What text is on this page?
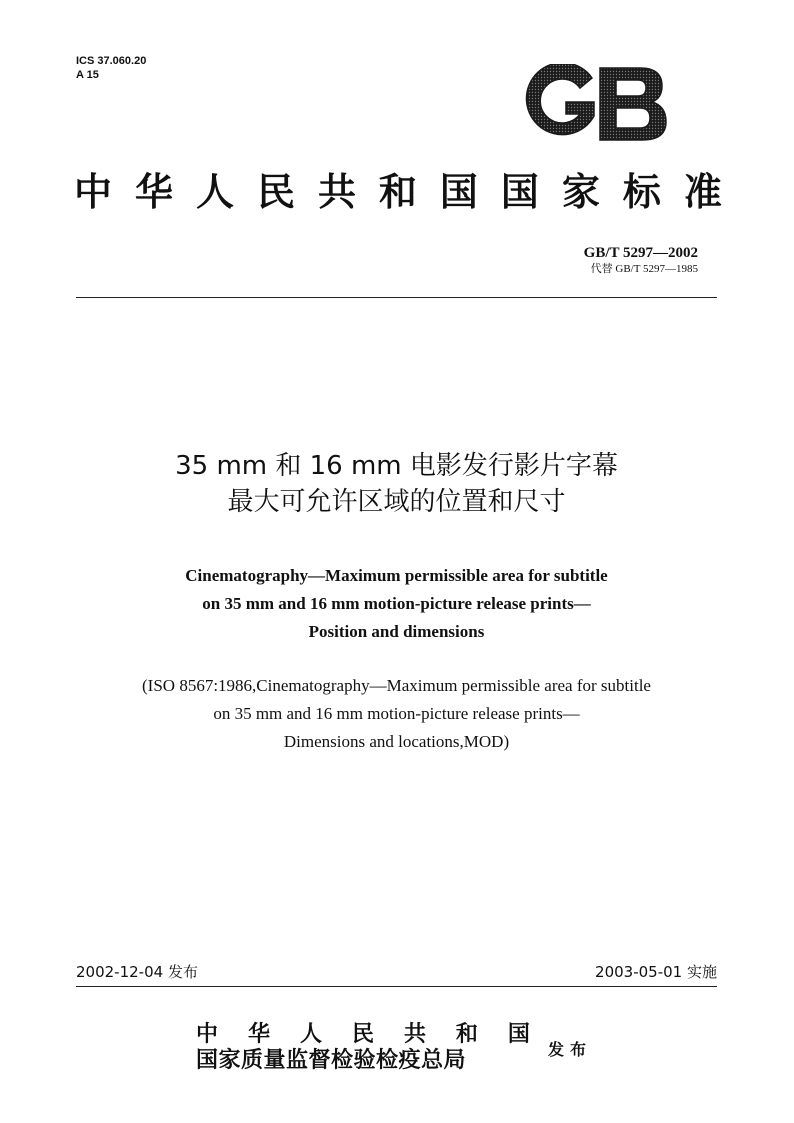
ICS 37.060.20
A 15
GB
中 华 人 民 共 和 国 国 家 标 准
GB/T 5297—2002
代替 GB/T 5297—1985
35 mm 和 16 mm 电影发行影片字幕
最大可允许区域的位置和尺寸
Cinematography—Maximum permissible area for subtitle
on 35 mm and 16 mm motion-picture release prints—
Position and dimensions
(ISO 8567:1986,Cinematography—Maximum permissible area for subtitle
on 35 mm and 16 mm motion-picture release prints—
Dimensions and locations,MOD)
2002-12-04 发布	2003-05-01 实施
中 华 人 民 共 和 国
国家质量监督检验检疫总局	发布
